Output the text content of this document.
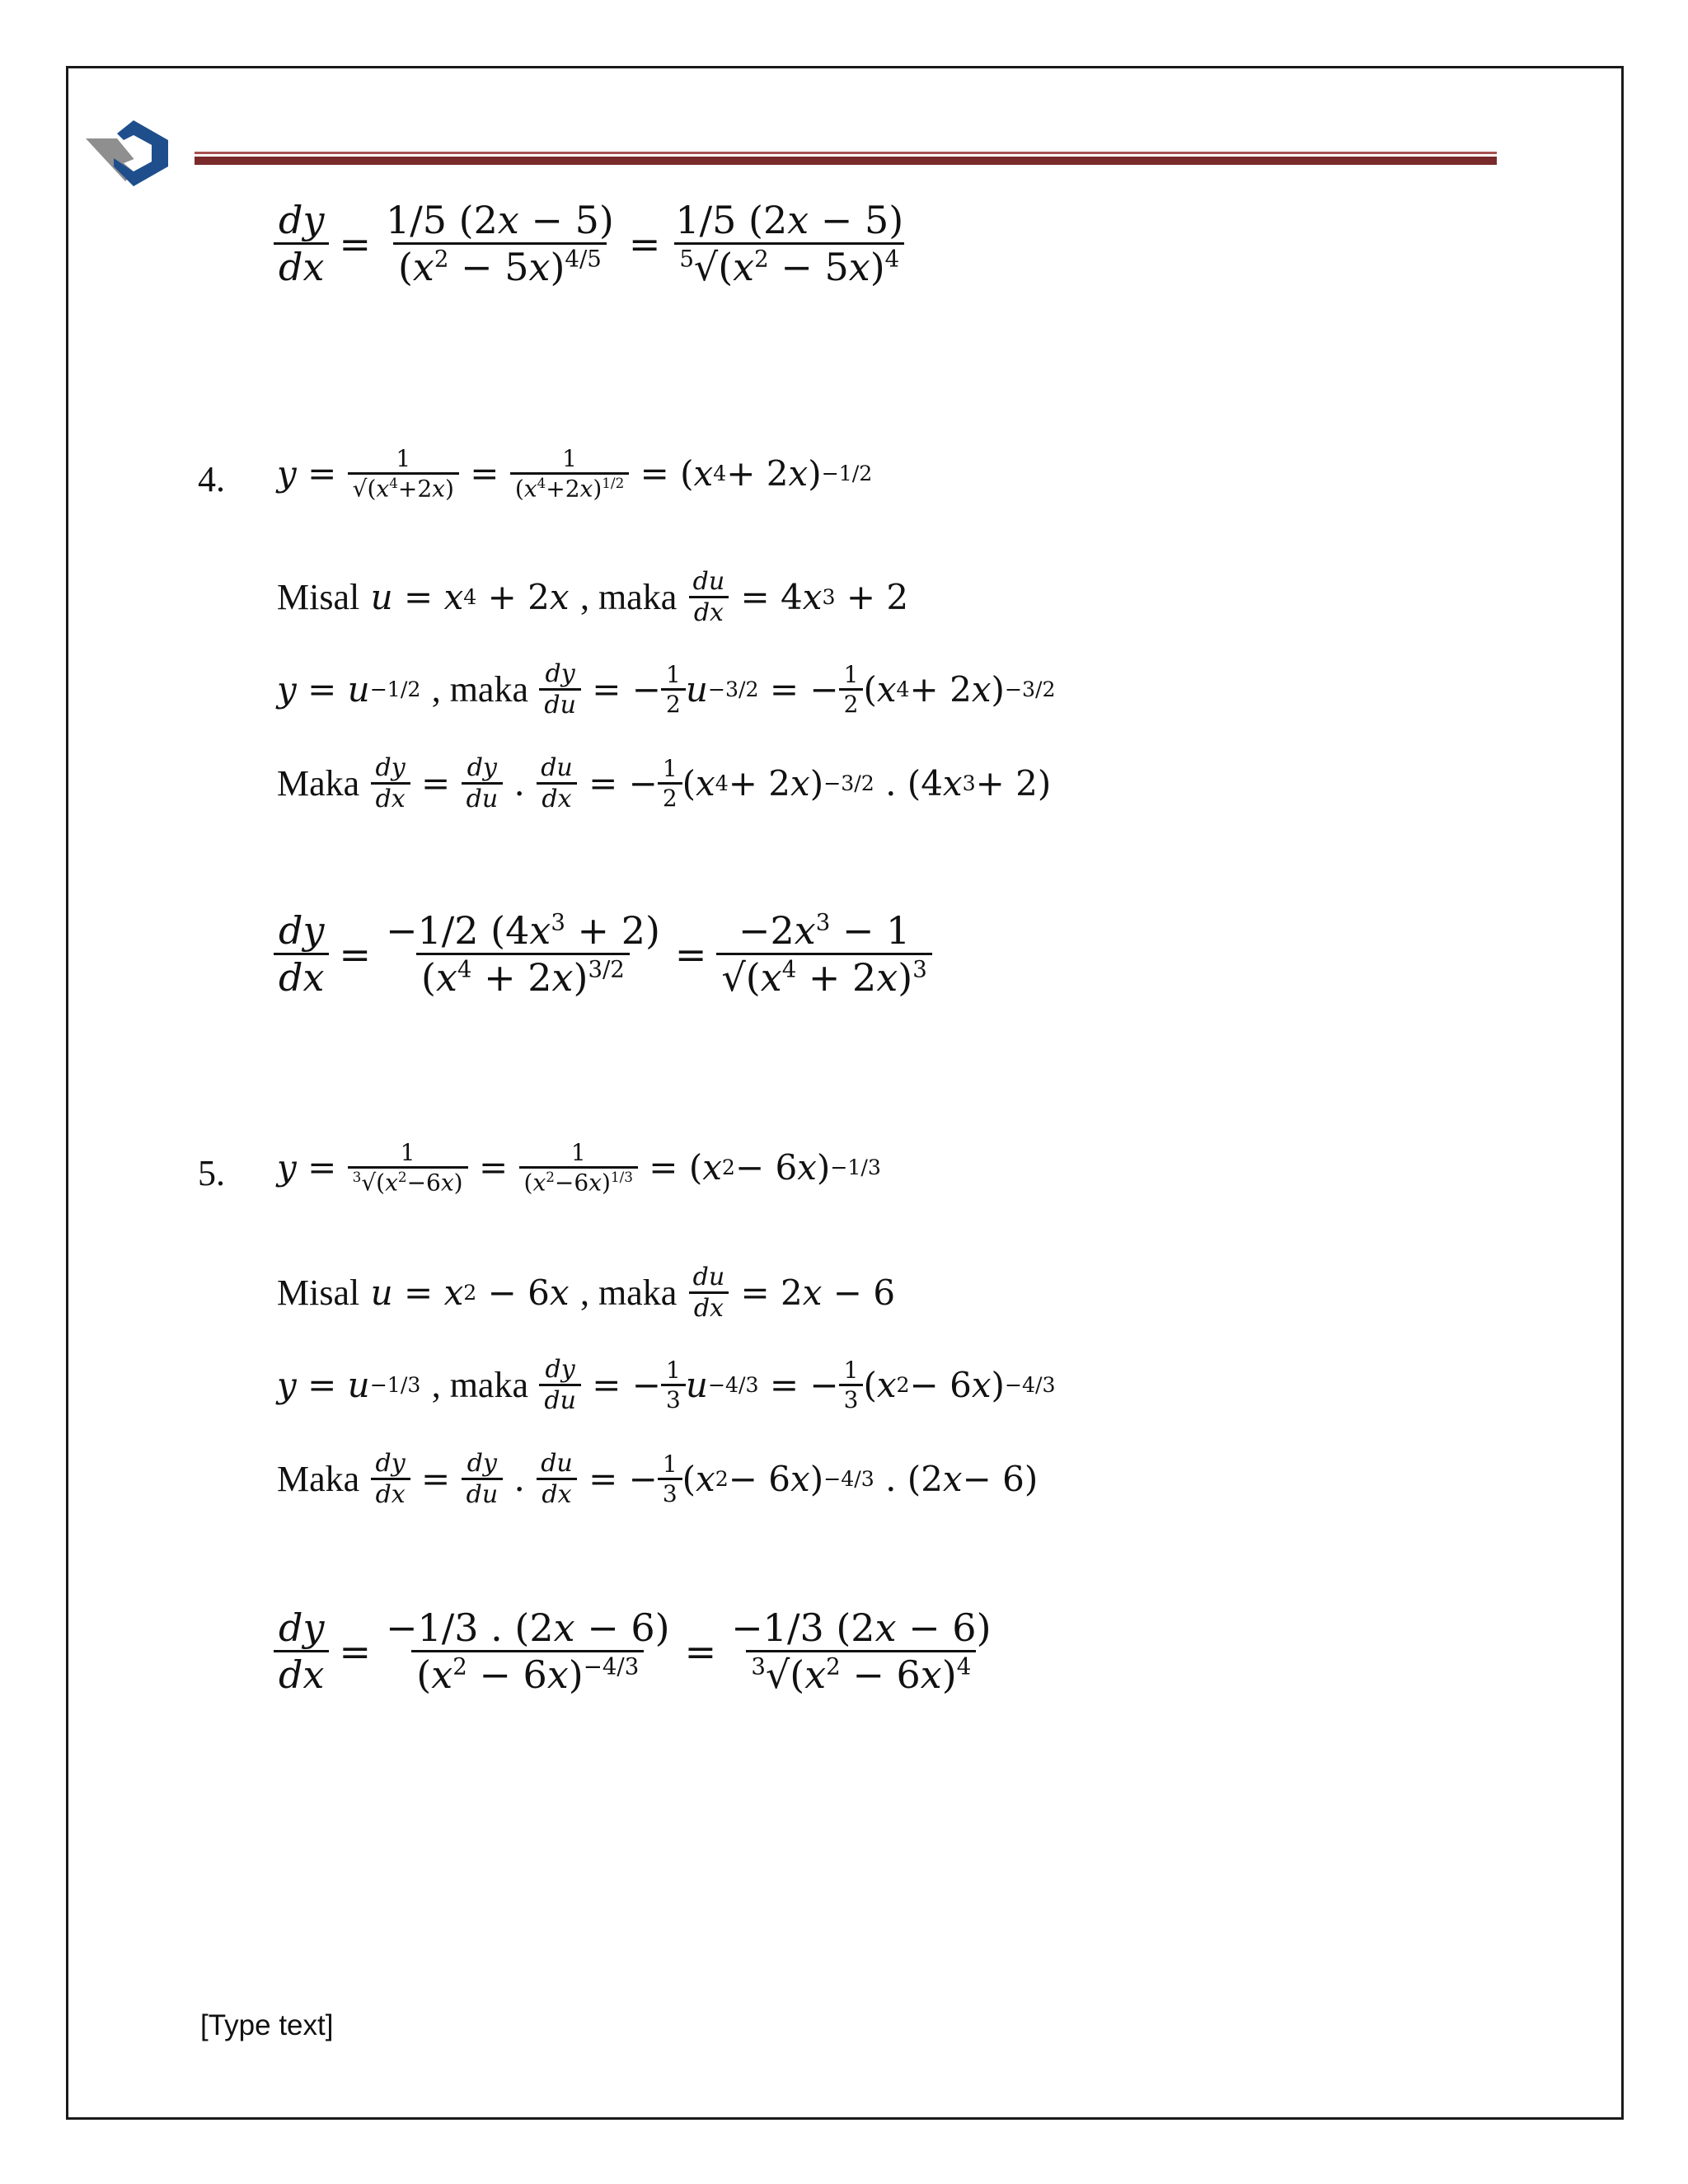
$\frac{dy}{dx} = \frac{1/5 (2x - 5)}{(x^2 - 5x)^{4/5}} = \frac{1/5 (2x - 5)}{^5√(x^2 - 5x)^4}$
4. $y = \frac{1}{√(x^4+2x)} = \frac{1}{(x^4+2x)^{1/2}}$ = ( x 4 + 2 x ) −1/2
Misal
u = x 4 + 2 x
, maka
$\frac{du}{dx} = 4$ x 3 + 2
y = u −1/2
, maka
$\frac{dy}{du}$ = − $\frac{1}{2}$ u −3/2 = − $\frac{1}{2}$ ( x 4 + 2 x ) −3/2
Maka
$\frac{dy}{dx} = \frac{dy}{du}$ . $\frac{du}{dx}$ = − $\frac{1}{2}$ ( x 4 + 2 x ) −3/2 . (4 x 3 + 2)
$\frac{dy}{dx} = \frac{-1/2 (4x^3 + 2)}{(x^4 + 2x)^{3/2}} = \frac{-2x^3 - 1}{√(x^4 + 2x)^3}$
5. $y = \frac{1}{^3√(x^2-6x)} = \frac{1}{(x^2-6x)^{1/3}}$ = ( x 2 − 6 x ) −1/3
Misal
u = x 2 − 6 x
, maka
$\frac{du}{dx} = 2$ x − 6
y = u −1/3
, maka
$\frac{dy}{du}$ = − $\frac{1}{3}$ u −4/3 = − $\frac{1}{3}$ ( x 2 − 6 x ) −4/3
Maka
$\frac{dy}{dx} = \frac{dy}{du}$ . $\frac{du}{dx}$ = − $\frac{1}{3}$ ( x 2 − 6 x ) −4/3 . (2 x − 6)
$\frac{dy}{dx} = \frac{-1/3 . (2x - 6)}{(x^2 - 6x)^{-4/3}} = \frac{-1/3 (2x - 6)}{^3√(x^2 - 6x)^4}$
[Type text]
